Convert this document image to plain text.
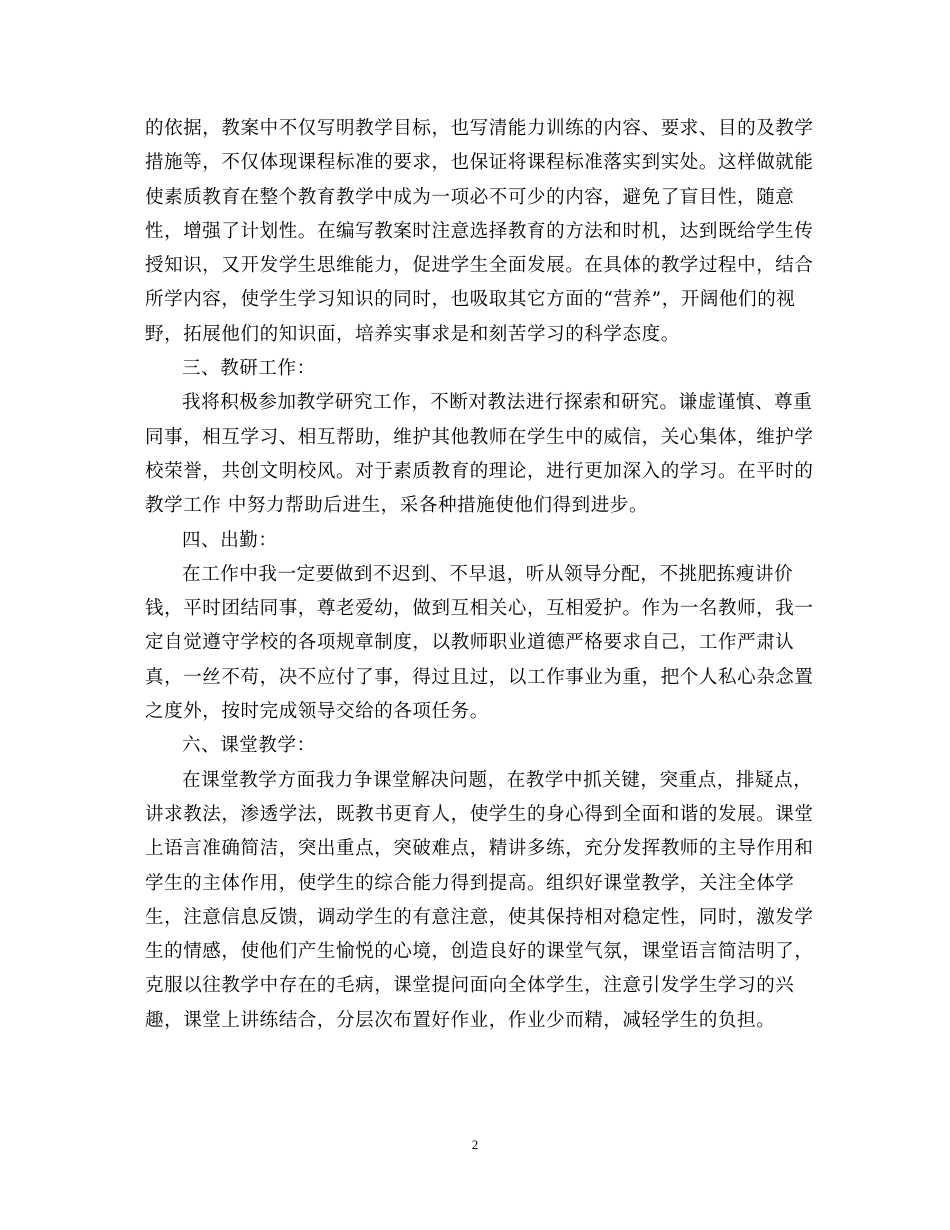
的依据，教案中不仅写明教学目标，也写清能力训练的内容、要求、目的及教学
措施等，不仅体现课程标准的要求，也保证将课程标准落实到实处。这样做就能
使素质教育在整个教育教学中成为一项必不可少的内容，避免了盲目性，随意
性，增强了计划性。在编写教案时注意选择教育的方法和时机，达到既给学生传
授知识，又开发学生思维能力，促进学生全面发展。在具体的教学过程中，结合
所学内容，使学生学习知识的同时，也吸取其它方面的“营养”，开阔他们的视
野，拓展他们的知识面，培养实事求是和刻苦学习的科学态度。
三、教研工作：
我将积极参加教学研究工作，不断对教法进行探索和研究。谦虚谨慎、尊重
同事，相互学习、相互帮助，维护其他教师在学生中的威信，关心集体，维护学
校荣誉，共创文明校风。对于素质教育的理论，进行更加深入的学习。在平时的
教学工作 中努力帮助后进生，采各种措施使他们得到进步。
四、出勤：
在工作中我一定要做到不迟到、不早退，听从领导分配，不挑肥拣瘦讲价
钱，平时团结同事，尊老爱幼，做到互相关心，互相爱护。作为一名教师，我一
定自觉遵守学校的各项规章制度，以教师职业道德严格要求自己，工作严肃认
真，一丝不苟，决不应付了事，得过且过，以工作事业为重，把个人私心杂念置
之度外，按时完成领导交给的各项任务。
六、课堂教学：
在课堂教学方面我力争课堂解决问题，在教学中抓关键，突重点，排疑点，
讲求教法，渗透学法，既教书更育人，使学生的身心得到全面和谐的发展。课堂
上语言准确简洁，突出重点，突破难点，精讲多练，充分发挥教师的主导作用和
学生的主体作用，使学生的综合能力得到提高。组织好课堂教学，关注全体学
生，注意信息反馈，调动学生的有意注意，使其保持相对稳定性，同时，激发学
生的情感，使他们产生愉悦的心境，创造良好的课堂气氛，课堂语言简洁明了，
克服以往教学中存在的毛病，课堂提问面向全体学生，注意引发学生学习的兴
趣，课堂上讲练结合，分层次布置好作业，作业少而精，减轻学生的负担。
2
